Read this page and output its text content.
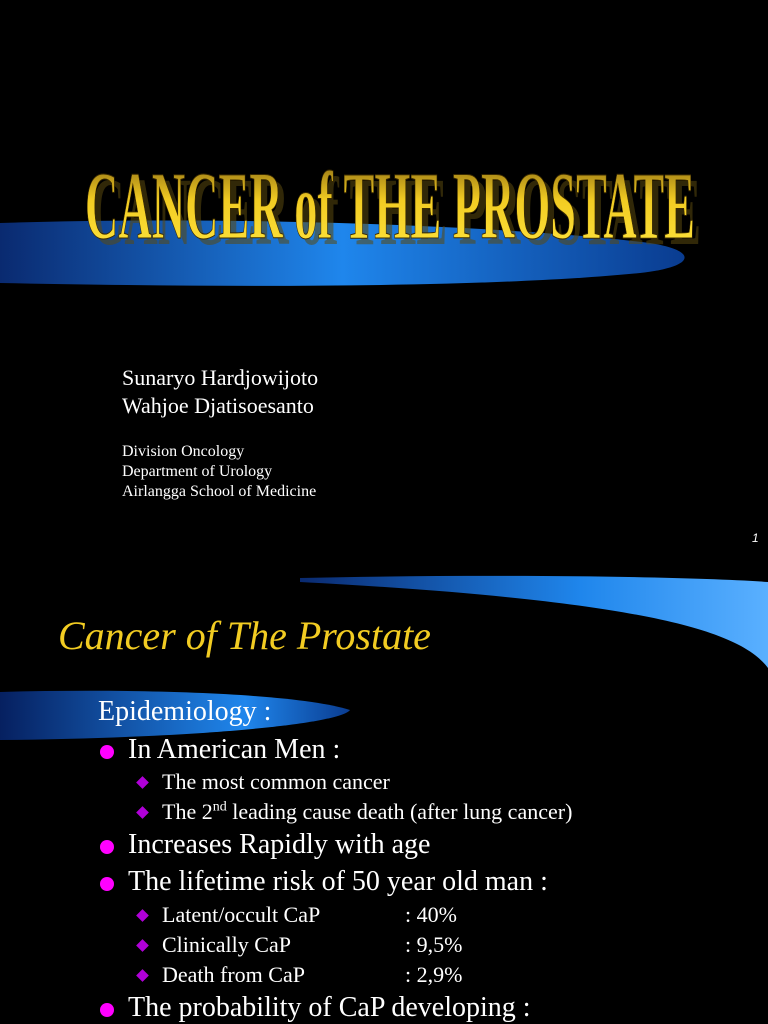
CANCER of THE PROSTATE
CANCER of THE PROSTATE
Sunaryo Hardjowijoto
Wahjoe Djatisoesanto
Division Oncology
Department of Urology
Airlangga School of Medicine
1
Cancer of The Prostate
Epidemiology :
In American Men :
The most common cancer
The 2nd leading cause death (after lung cancer)
Increases Rapidly with age
The lifetime risk of 50 year old man :
Latent/occult CaP	: 40%
Clinically CaP	: 9,5%
Death from CaP	: 2,9%
The probability of CaP developing :
